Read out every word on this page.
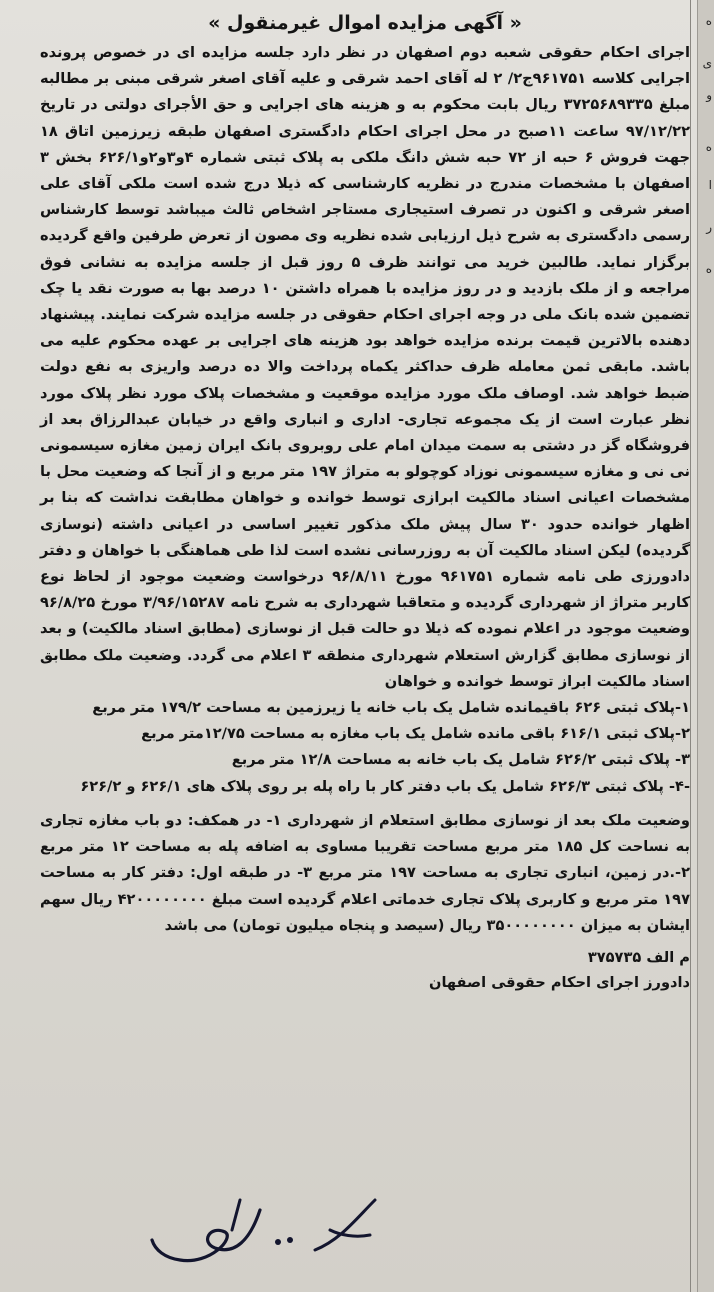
ه
ی
و
ه
ا
ر
ه
« آگهی مزایده اموال غیرمنقول »

اجرای احکام حقوقی شعبه دوم اصفهان در نظر دارد جلسه مزایده ای در خصوص پرونده اجرایی کلاسه ۹۶۱۷۵۱ج۲/ ۲ له آقای احمد شرقی و علیه آقای اصغر شرقی مبنی بر مطالبه مبلغ ۳۷۲۵۶۸۹۳۳۵ ریال بابت محکوم به و هزینه های اجرایی و حق الأجرای دولتی در تاریخ ۹۷/۱۲/۲۲ ساعت ۱۱صبح در محل اجرای احکام دادگستری اصفهان طبقه زیرزمین اتاق ۱۸ جهت فروش ۶ حبه از ۷۲ حبه شش دانگ ملکی به پلاک ثبتی شماره ۴و۳و۲و۶۲۶/۱ بخش ۳ اصفهان با مشخصات مندرج در نظریه کارشناسی که ذیلا درج شده است ملکی آقای علی اصغر شرقی و اکنون در تصرف استیجاری مستاجر اشخاص ثالث میباشد توسط کارشناس رسمی دادگستری به شرح ذیل ارزیابی شده نظریه وی مصون از تعرض طرفین واقع گردیده برگزار نماید. طالبین خرید می توانند ظرف ۵ روز قبل از جلسه مزایده به نشانی فوق مراجعه و از ملک بازدید و در روز مزایده با همراه داشتن ۱۰ درصد بها به صورت نقد یا چک تضمین شده بانک ملی در وجه اجرای احکام حقوقی در جلسه مزایده شرکت نمایند. پیشنهاد دهنده بالاترین قیمت برنده مزایده خواهد بود هزینه های اجرایی بر عهده محکوم علیه می باشد. مابقی ثمن معامله ظرف حداکثر یکماه پرداخت والا ده درصد واریزی به نفع دولت ضبط خواهد شد. اوصاف ملک مورد مزایده موقعیت و مشخصات پلاک مورد نظر پلاک مورد نظر عبارت است از یک مجموعه تجاری- اداری و انباری واقع در خیابان عبدالرزاق بعد از فروشگاه گز در دشتی به سمت میدان امام علی روبروی بانک ایران زمین مغازه سیسمونی نی نی و مغازه سیسمونی نوزاد کوچولو به متراژ ۱۹۷ متر مربع و از آنجا که وضعیت محل با مشخصات اعیانی اسناد مالکیت ابرازی توسط خوانده و خواهان مطابقت نداشت که بنا بر اظهار خوانده حدود ۳۰ سال پیش ملک مذکور تغییر اساسی در اعیانی داشته (نوسازی گردیده) لیکن اسناد مالکیت آن به روزرسانی نشده است لذا طی هماهنگی با خواهان و دفتر دادورزی طی نامه شماره ۹۶۱۷۵۱ مورخ ۹۶/۸/۱۱ درخواست وضعیت موجود از لحاظ نوع کاربر متراژ از شهرداری گردیده و متعاقبا شهرداری به شرح نامه ۳/۹۶/۱۵۲۸۷ مورخ ۹۶/۸/۲۵ وضعیت موجود در اعلام نموده که ذیلا دو حالت قبل از نوسازی (مطابق اسناد مالکیت) و بعد از نوسازی مطابق گزارش استعلام شهرداری منطقه ۳ اعلام می گردد. وضعیت ملک مطابق اسناد مالکیت ابراز توسط خوانده و خواهان

۱-پلاک ثبتی ۶۲۶ باقیمانده شامل یک باب خانه یا زیرزمین به مساحت ۱۷۹/۲ متر مربع
۲-پلاک ثبتی ۶۱۶/۱ باقی مانده شامل یک باب مغازه به مساحت ۱۲/۷۵متر مربع
۳- پلاک ثبتی ۶۲۶/۲ شامل یک باب خانه به مساحت ۱۲/۸ متر مربع
-۴- پلاک ثبتی ۶۲۶/۳ شامل یک باب دفتر کار با راه پله بر روی پلاک های ۶۲۶/۱ و ۶۲۶/۲
وضعیت ملک بعد از نوسازی مطابق استعلام از شهرداری ۱- در همکف: دو باب مغازه تجاری به نساحت کل ۱۸۵ متر مربع مساحت تقریبا مساوی به اضافه پله به مساحت ۱۲ متر مربع ۲-.در زمین، انباری تجاری به مساحت ۱۹۷ متر مربع ۳- در طبقه اول: دفتر کار به مساحت ۱۹۷ متر مربع و کاربری پلاک تجاری خدماتی اعلام گردیده است مبلغ ۴۲۰۰۰۰۰۰۰۰ ریال سهم ایشان به میزان ۳۵۰۰۰۰۰۰۰۰ ریال (سیصد و پنجاه میلیون تومان) می باشد
م الف ۳۷۵۷۳۵
دادورز اجرای احکام حقوقی اصفهان
